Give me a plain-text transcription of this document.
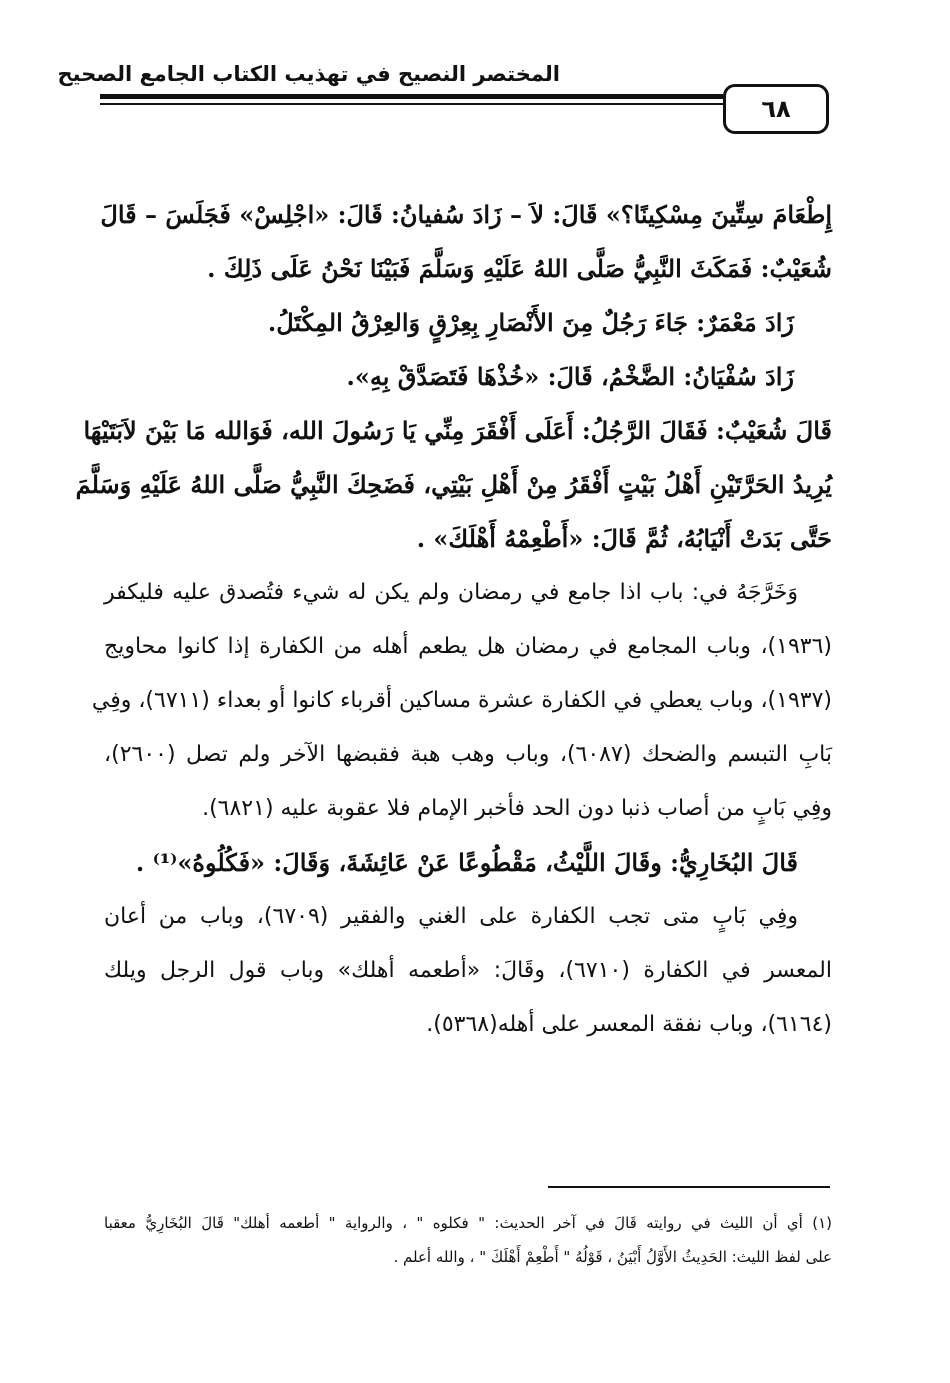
المختصر النصيح في تهذيب الكتاب الجامع الصحيح
٦٨
إِطْعَامَ سِتِّينَ مِسْكِينًا؟» قَالَ: لاَ – زَادَ سُفيانُ: قَالَ: «اجْلِسْ» فَجَلَسَ – قَالَ
شُعَيْبٌ: فَمَكَثَ النَّبِيُّ صَلَّى اللهُ عَلَيْهِ وَسَلَّمَ فَبَيْنَا نَحْنُ عَلَى ذَلِكَ .
زَادَ مَعْمَرٌ: جَاءَ رَجُلٌ مِنَ الأَنْصَارِ بِعِرْقٍ وَالعِرْقُ المِكْتَلُ.
زَادَ سُفْيَانُ: الضَّخْمُ، قَالَ: «خُذْهَا فَتَصَدَّقْ بِهِ».
قَالَ شُعَيْبٌ: فَقَالَ الرَّجُلُ: أَعَلَى أَفْقَرَ مِنِّي يَا رَسُولَ الله، فَوَالله مَا بَيْنَ لاَبَتَيْهَا
يُرِيدُ الحَرَّتَيْنِ أَهْلُ بَيْتٍ أَفْقَرُ مِنْ أَهْلِ بَيْتِي، فَضَحِكَ النَّبِيُّ صَلَّى اللهُ عَلَيْهِ وَسَلَّمَ
حَتَّى بَدَتْ أَنْيَابُهُ، ثُمَّ قَالَ: «أَطْعِمْهُ أَهْلَكَ» .
وَخَرَّجَهُ في: باب اذا جامع في رمضان ولم يكن له شيء فتُصدق عليه فليكفر
(١٩٣٦)، وباب المجامع في رمضان هل يطعم أهله من الكفارة إذا كانوا محاويج
(١٩٣٧)، وباب يعطي في الكفارة عشرة مساكين أقرباء كانوا أو بعداء (٦٧١١)، وفِي
بَابِ التبسم والضحك (٦٠٨٧)، وباب وهب هبة فقبضها الآخر ولم تصل (٢٦٠٠)،
وفِي بَابٍ من أصاب ذنبا دون الحد فأخبر الإمام فلا عقوبة عليه (٦٨٢١).
قَالَ البُخَارِيُّ: وقَالَ اللَّيْثُ، مَقْطُوعًا عَنْ عَائِشَةَ، وَقَالَ: «فَكُلُوهُ»⁽¹⁾ .
وفِي بَابٍ متى تجب الكفارة على الغني والفقير (٦٧٠٩)، وباب من أعان
المعسر في الكفارة (٦٧١٠)، وقَالَ: «أطعمه أهلك» وباب قول الرجل ويلك
(٦١٦٤)، وباب نفقة المعسر على أهله(٥٣٦٨).
(١) أي أن الليث في روايته قَالَ في آخر الحديث: " فكلوه " ، والرواية " أطعمه أهلك" قَالَ البُخَارِيُّ معقبا
على لفظ الليث: الحَدِيثُ الأَوَّلُ أَبْيَنُ ، قَوْلُهُ " أَطْعِمْ أَهْلَكَ " ، والله أعلم .
